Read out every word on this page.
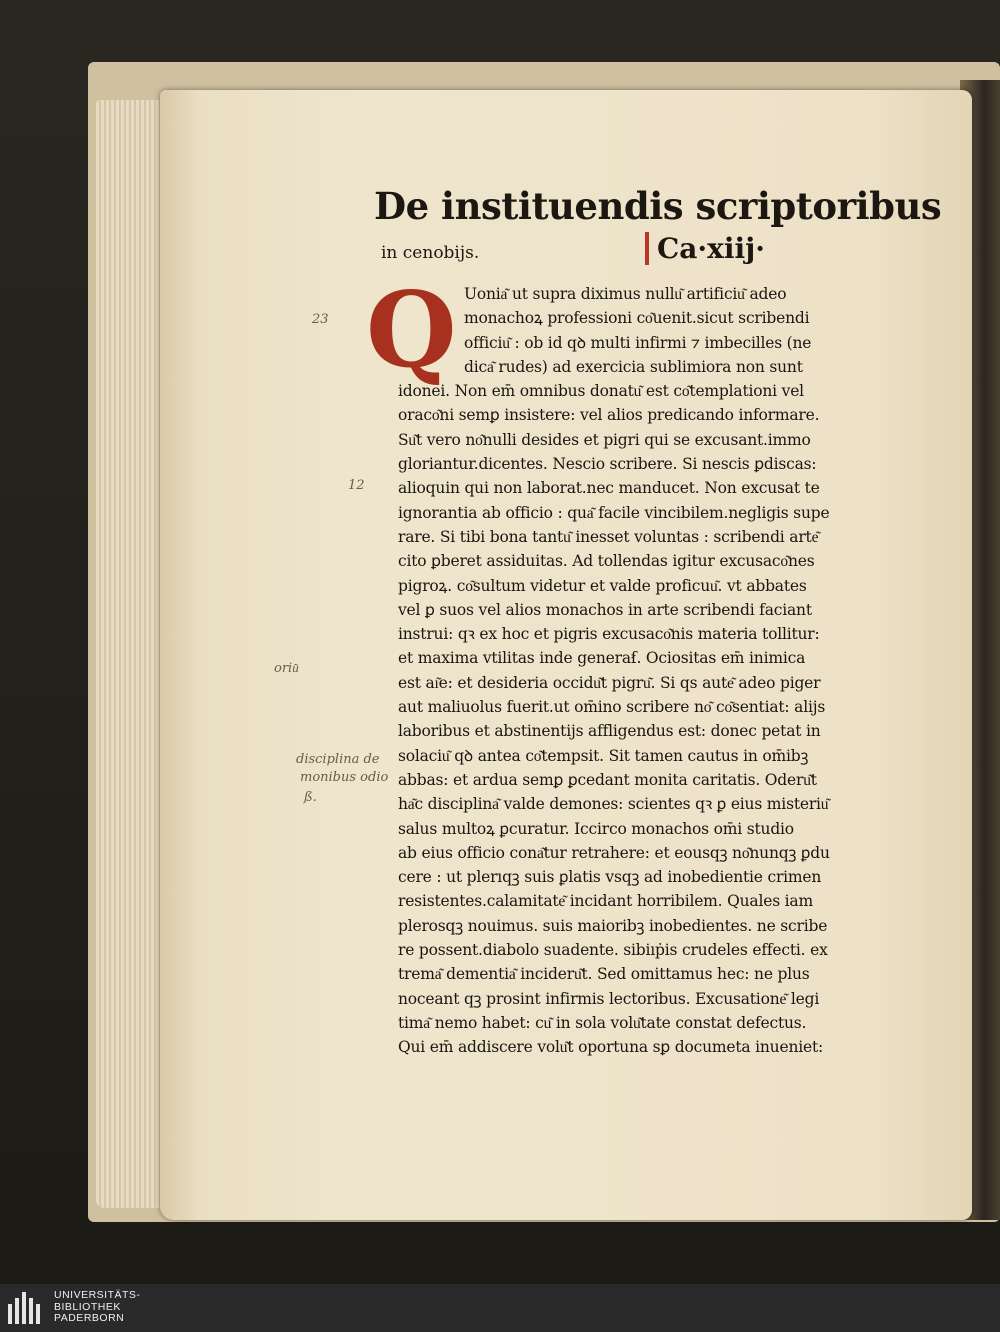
De instituendis scriptoribus
in cenobijs.	Ca·xiij·
Q Uonia͂ ut supra diximus nullu͂ artificiu͂ adeo
monachoꝝ professioni co͂uenit.sicut scribendi
officiu͂ : ob id qꝺ multi infirmi ⁊ imbecilles (ne
dica͂ rudes) ad exercicia sublimiora non sunt
idonei. Non em̄ omnibus donatu͂ est co͂templationi vel
oraco͂ni semꝑ insistere: vel alios predicando informare.
Su͂t vero no͂nulli desides et pigri qui se excusant.immo
gloriantur.dicentes. Nescio scribere. Si nescis ꝑdiscas:
alioquin qui non laborat.nec manducet. Non excusat te
ignorantia ab officio : qua͂ facile vincibilem.negligis supe
rare. Si tibi bona tantu͂ inesset voluntas : scribendi arte͂
cito ꝑberet assiduitas. Ad tollendas igitur excusaco͂nes
pigroꝝ. co͂sultum videtur et valde proficuu͂. vt abbates
vel ꝑ suos vel alios monachos in arte scribendi faciant
instrui: qꝛ ex hoc et pigris excusaco͂nis materia tollitur:
et maxima vtilitas inde generaẜ. Ociositas em̄ inimica
est aı͂e: et desideria occidu͂t pigru͂. Si qs aute͂ adeo piger
aut maliuolus fuerit.ut om̄ino scribere no͂ co͂sentiat: alijs
laboribus et abstinentijs affligendus est: donec petat in
solaciu͂ qꝺ antea co͂tempsit. Sit tamen cautus in om̄ibꝫ
abbas: et ardua semꝑ ꝑcedant monita caritatis. Oderu͂t
ha͂c disciplina͂ valde demones: scientes qꝛ ꝑ eius misteriu͂
salus multoꝝ ꝑcuratur. Iccirco monachos om̄i studio
ab eius officio cona͂tur retrahere: et eousqꝫ no͂nunqꝫ ꝑdu
cere : ut plerıqꝫ suis ꝑlatis vsqꝫ ad inobedientie crimen
resistentes.calamitate͂ incidant horribilem. Quales iam
plerosqꝫ nouimus. suis maioribꝫ inobedientes. ne scribe
re possent.diabolo suadente. sibiıṗis crudeles effecti. ex
trema͂ dementia͂ incideru͂t. Sed omittamus hec: ne plus
noceant qꝫ prosint infirmis lectoribus. Excusatione͂ legi
tima͂ nemo habet: cu͂ in sola volu͂tate constat defectus.
Qui em̄ addiscere volu͂t oportuna sꝑ documeta inueniet:
23
12
oriu͂
disciplina de
monibus odio
ß.
UNIVERSITÄTS-
BIBLIOTHEK
PADERBORN
